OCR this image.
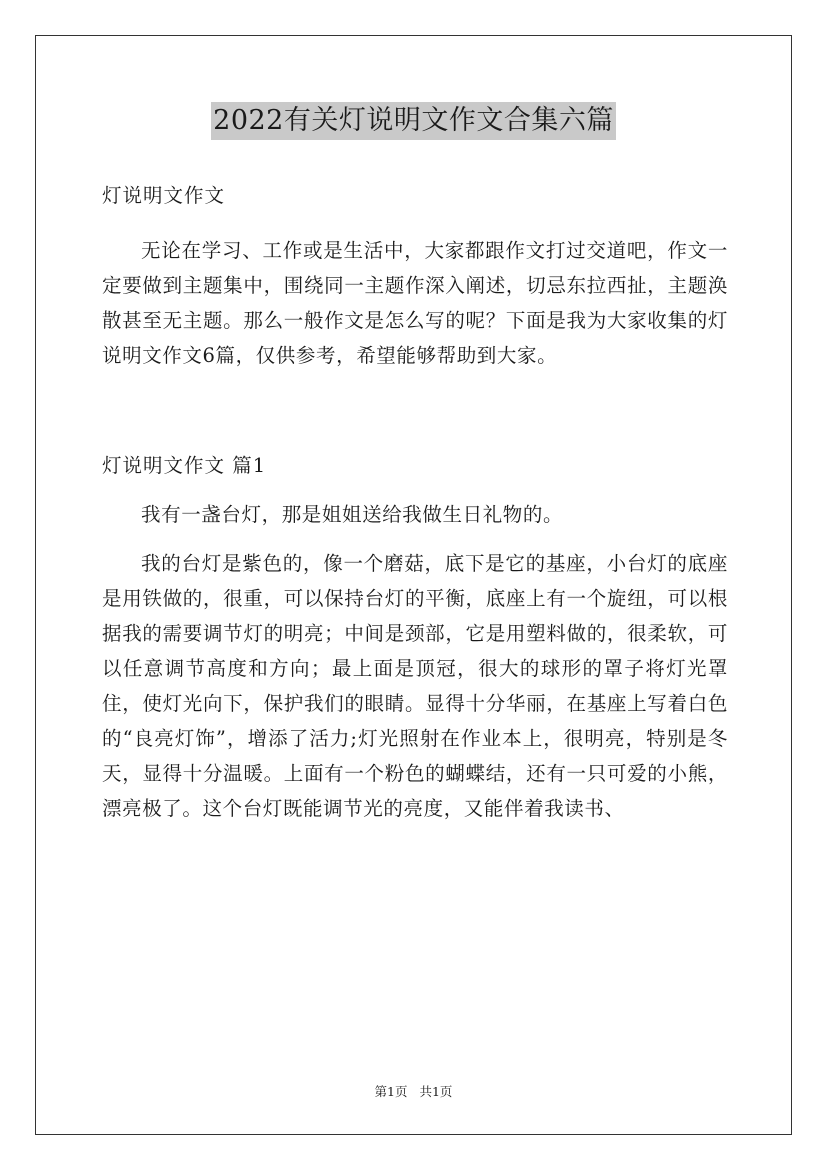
2022有关灯说明文作文合集六篇

灯说明文作文

无论在学习、工作或是生活中，大家都跟作文打过交道吧，作文一定要做到主题集中，围绕同一主题作深入阐述，切忌东拉西扯，主题涣散甚至无主题。那么一般作文是怎么写的呢？下面是我为大家收集的灯说明文作文6篇，仅供参考，希望能够帮助到大家。

灯说明文作文 篇1

我有一盏台灯，那是姐姐送给我做生日礼物的。

我的台灯是紫色的，像一个磨菇，底下是它的基座，小台灯的底座是用铁做的，很重，可以保持台灯的平衡，底座上有一个旋纽，可以根据我的需要调节灯的明亮；中间是颈部，它是用塑料做的，很柔软，可以任意调节高度和方向；最上面是顶冠，很大的球形的罩子将灯光罩住，使灯光向下，保护我们的眼睛。显得十分华丽，在基座上写着白色的“良亮灯饰”，增添了活力;灯光照射在作业本上，很明亮，特别是冬天，显得十分温暖。上面有一个粉色的蝴蝶结，还有一只可爱的小熊，漂亮极了。这个台灯既能调节光的亮度，又能伴着我读书、

第1页 共1页
